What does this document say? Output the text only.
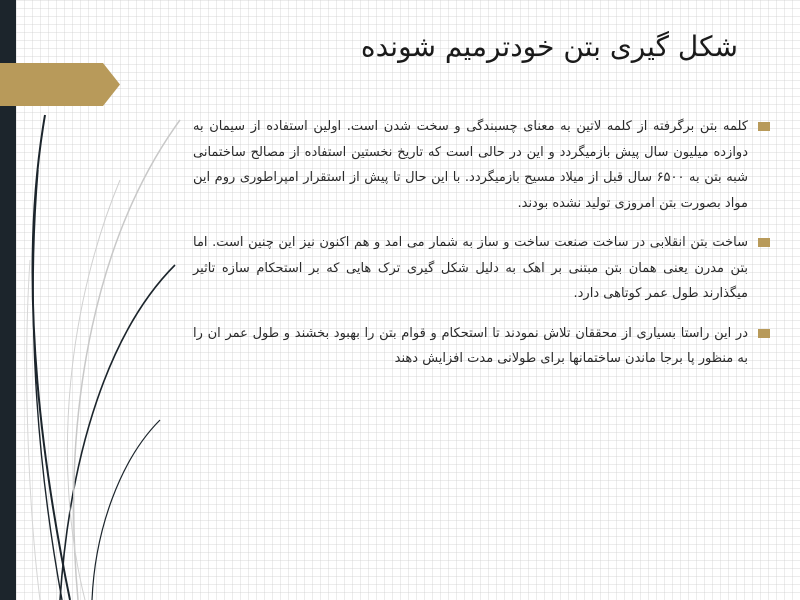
شکل گیری بتن خودترمیم شونده

کلمه بتن برگرفته از کلمه لاتین به معنای چسبندگی و سخت شدن است. اولین استفاده از سیمان به دوازده میلیون سال پیش بازمیگردد و این در حالی است که تاریخ نخستین استفاده از مصالح ساختمانی شبه بتن به ۶۵۰۰ سال قبل از میلاد مسیح بازمیگردد. با این حال تا پیش از استقرار امپراطوری روم این مواد بصورت بتن امروزی تولید نشده بودند.

ساخت بتن انقلابی در ساخت صنعت ساخت و ساز به شمار می امد و هم اکنون نیز این چنین است. اما بتن مدرن یعنی همان بتن مبتنی بر اهک به دلیل شکل گیری ترک هایی که بر استحکام سازه تاثیر میگذارند طول عمر کوتاهی دارد.

در این راستا بسیاری از محققان تلاش نمودند تا استحکام و قوام بتن را بهبود بخشند و طول عمر ان را به منظور پا برجا ماندن ساختمانها برای طولانی مدت افزایش دهند
